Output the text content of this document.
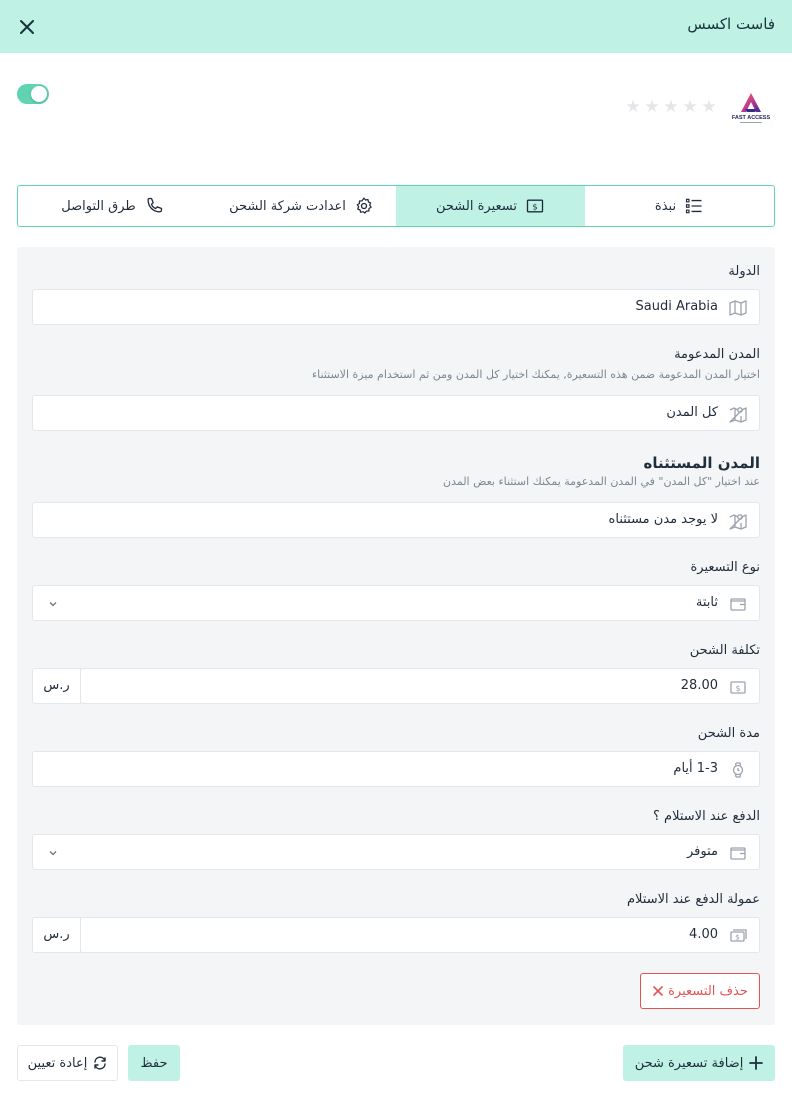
فاست اكسس
★ ★ ★ ★ ★
FAST ACCESS
طرق التواصل	اعدادت شركة الشحن	$
تسعيرة الشحن	نبذة
الدولة
Saudi Arabia
المدن المدعومة
اختيار المدن المدعومة ضمن هذه التسعيرة, يمكنك اختيار كل المدن ومن ثم استخدام ميزة الاستثناء
كل المدن
المدن المستثناه
عند اختيار "كل المدن" في المدن المدعومة يمكنك استثناء بعض المدن
لا يوجد مدن مستثناه
نوع التسعيرة
ثابتة
تكلفة الشحن
ر.س	$
28.00
مدة الشحن
1-3 أيام
الدفع عند الاستلام ؟
متوفر
عمولة الدفع عند الاستلام
ر.س	$
4.00
حذف التسعيرة
إضافة تسعيرة شحن
حفظ
إعادة تعيين
